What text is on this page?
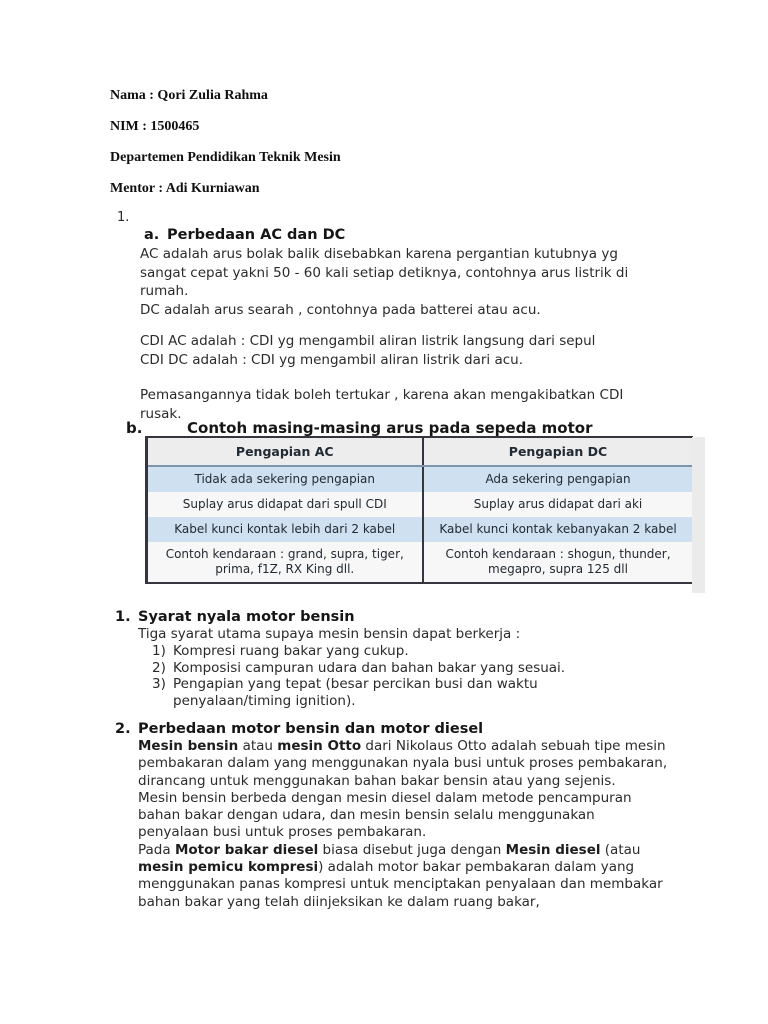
Nama : Qori Zulia Rahma
NIM : 1500465
Departemen Pendidikan Teknik Mesin
Mentor : Adi Kurniawan
1.
a. Perbedaan AC dan DC

AC adalah arus bolak balik disebabkan karena pergantian kutubnya yg sangat cepat yakni 50 - 60 kali setiap detiknya, contohnya arus listrik di rumah.

DC adalah arus searah , contohnya pada batterei atau acu.

CDI AC adalah : CDI yg mengambil aliran listrik langsung dari sepul

CDI DC adalah : CDI yg mengambil aliran listrik dari acu.

Pemasangannya tidak boleh tertukar , karena akan mengakibatkan CDI rusak.

b.	Contoh masing-masing arus pada sepeda motor
Pengapian AC	Pengapian DC
Tidak ada sekering pengapian	Ada sekering pengapian
Suplay arus didapat dari spull CDI	Suplay arus didapat dari aki
Kabel kunci kontak lebih dari 2 kabel	Kabel kunci kontak kebanyakan 2 kabel
Contoh kendaraan : grand, supra, tiger, prima, f1Z, RX King dll.	Contoh kendaraan : shogun, thunder, megapro, supra 125 dll
1. Syarat nyala motor bensin
Tiga syarat utama supaya mesin bensin dapat berkerja :
1) Kompresi ruang bakar yang cukup.
2) Komposisi campuran udara dan bahan bakar yang sesuai.
3) Pengapian yang tepat (besar percikan busi dan waktu penyalaan/timing ignition).
2. Perbedaan motor bensin dan motor diesel

Mesin bensin atau mesin Otto dari Nikolaus Otto adalah sebuah tipe mesin pembakaran dalam yang menggunakan nyala busi untuk proses pembakaran, dirancang untuk menggunakan bahan bakar bensin atau yang sejenis.

Mesin bensin berbeda dengan mesin diesel dalam metode pencampuran bahan bakar dengan udara, dan mesin bensin selalu menggunakan penyalaan busi untuk proses pembakaran.

Pada Motor bakar diesel biasa disebut juga dengan Mesin diesel (atau mesin pemicu kompresi) adalah motor bakar pembakaran dalam yang menggunakan panas kompresi untuk menciptakan penyalaan dan membakar bahan bakar yang telah diinjeksikan ke dalam ruang bakar,
